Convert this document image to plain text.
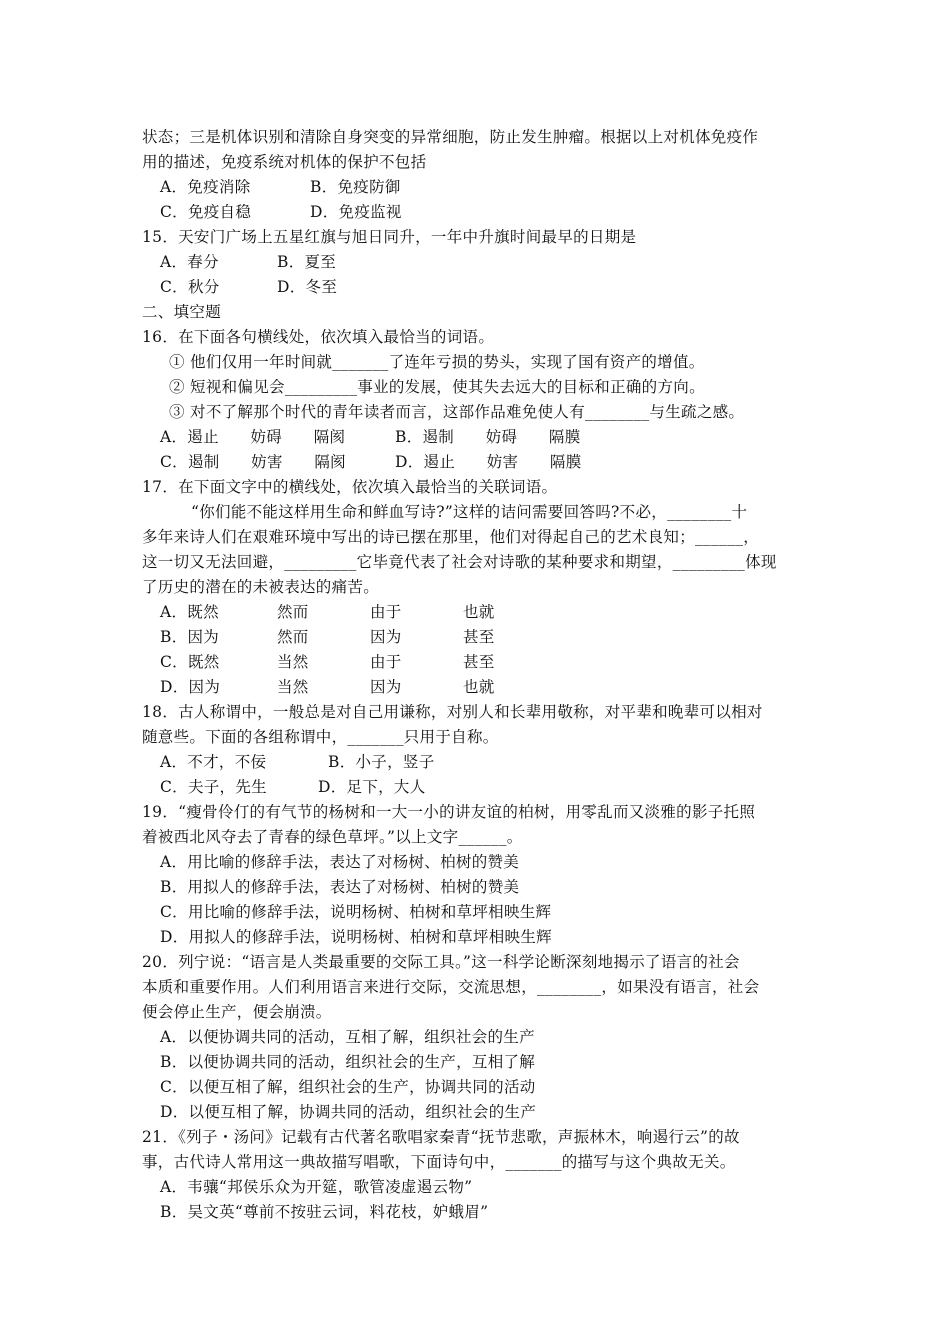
状态；三是机体识别和清除自身突变的异常细胞，防止发生肿瘤。根据以上对机体免疫作
用的描述，免疫系统对机体的保护不包括
A．免疫消除	B．免疫防御
C．免疫自稳	D．免疫监视
15．天安门广场上五星红旗与旭日同升，一年中升旗时间最早的日期是
A．春分	B．夏至
C．秋分	D．冬至
二、填空题
16．在下面各句横线处，依次填入最恰当的词语。
① 他们仅用一年时间就_______了连年亏损的势头，实现了国有资产的增值。
② 短视和偏见会_________事业的发展，使其失去远大的目标和正确的方向。
③ 对不了解那个时代的青年读者而言，这部作品难免使人有________与生疏之感。
A．遏止　　妨碍　　隔阂	B．遏制　　妨碍　　隔膜
C．遏制　　妨害　　隔阂	D．遏止　　妨害　　隔膜
17．在下面文字中的横线处，依次填入最恰当的关联词语。
“你们能不能这样用生命和鲜血写诗?”这样的诘问需要回答吗?不必，________十
多年来诗人们在艰难环境中写出的诗已摆在那里，他们对得起自己的艺术良知；______，
这一切又无法回避，_________它毕竟代表了社会对诗歌的某种要求和期望，_________体现
了历史的潜在的未被表达的痛苦。
A．既然	然而	由于	也就
B．因为	然而	因为	甚至
C．既然	当然	由于	甚至
D．因为	当然	因为	也就
18．古人称谓中，一般总是对自己用谦称，对别人和长辈用敬称，对平辈和晚辈可以相对
随意些。下面的各组称谓中，_______只用于自称。
A．不才，不佞	B．小子，竖子
C．夫子，先生	D．足下，大人
19．“瘦骨伶仃的有气节的杨树和一大一小的讲友谊的柏树，用零乱而又淡雅的影子托照
着被西北风夺去了青春的绿色草坪。”以上文字______。
A．用比喻的修辞手法，表达了对杨树、柏树的赞美
B．用拟人的修辞手法，表达了对杨树、柏树的赞美
C．用比喻的修辞手法，说明杨树、柏树和草坪相映生辉
D．用拟人的修辞手法，说明杨树、柏树和草坪相映生辉
20．列宁说：“语言是人类最重要的交际工具。”这一科学论断深刻地揭示了语言的社会
本质和重要作用。人们利用语言来进行交际，交流思想，________，如果没有语言，社会
便会停止生产，便会崩溃。
A．以便协调共同的活动，互相了解，组织社会的生产
B．以便协调共同的活动，组织社会的生产，互相了解
C．以便互相了解，组织社会的生产，协调共同的活动
D．以便互相了解，协调共同的活动，组织社会的生产
21．《列子・汤问》记载有古代著名歌唱家秦青“抚节悲歌，声振林木，响遏行云”的故
事，古代诗人常用这一典故描写唱歌，下面诗句中，_______的描写与这个典故无关。
A．韦骧“邦侯乐众为开筵，歌管凌虚遏云物”
B．吴文英“尊前不按驻云词，料花枝，妒蛾眉”
